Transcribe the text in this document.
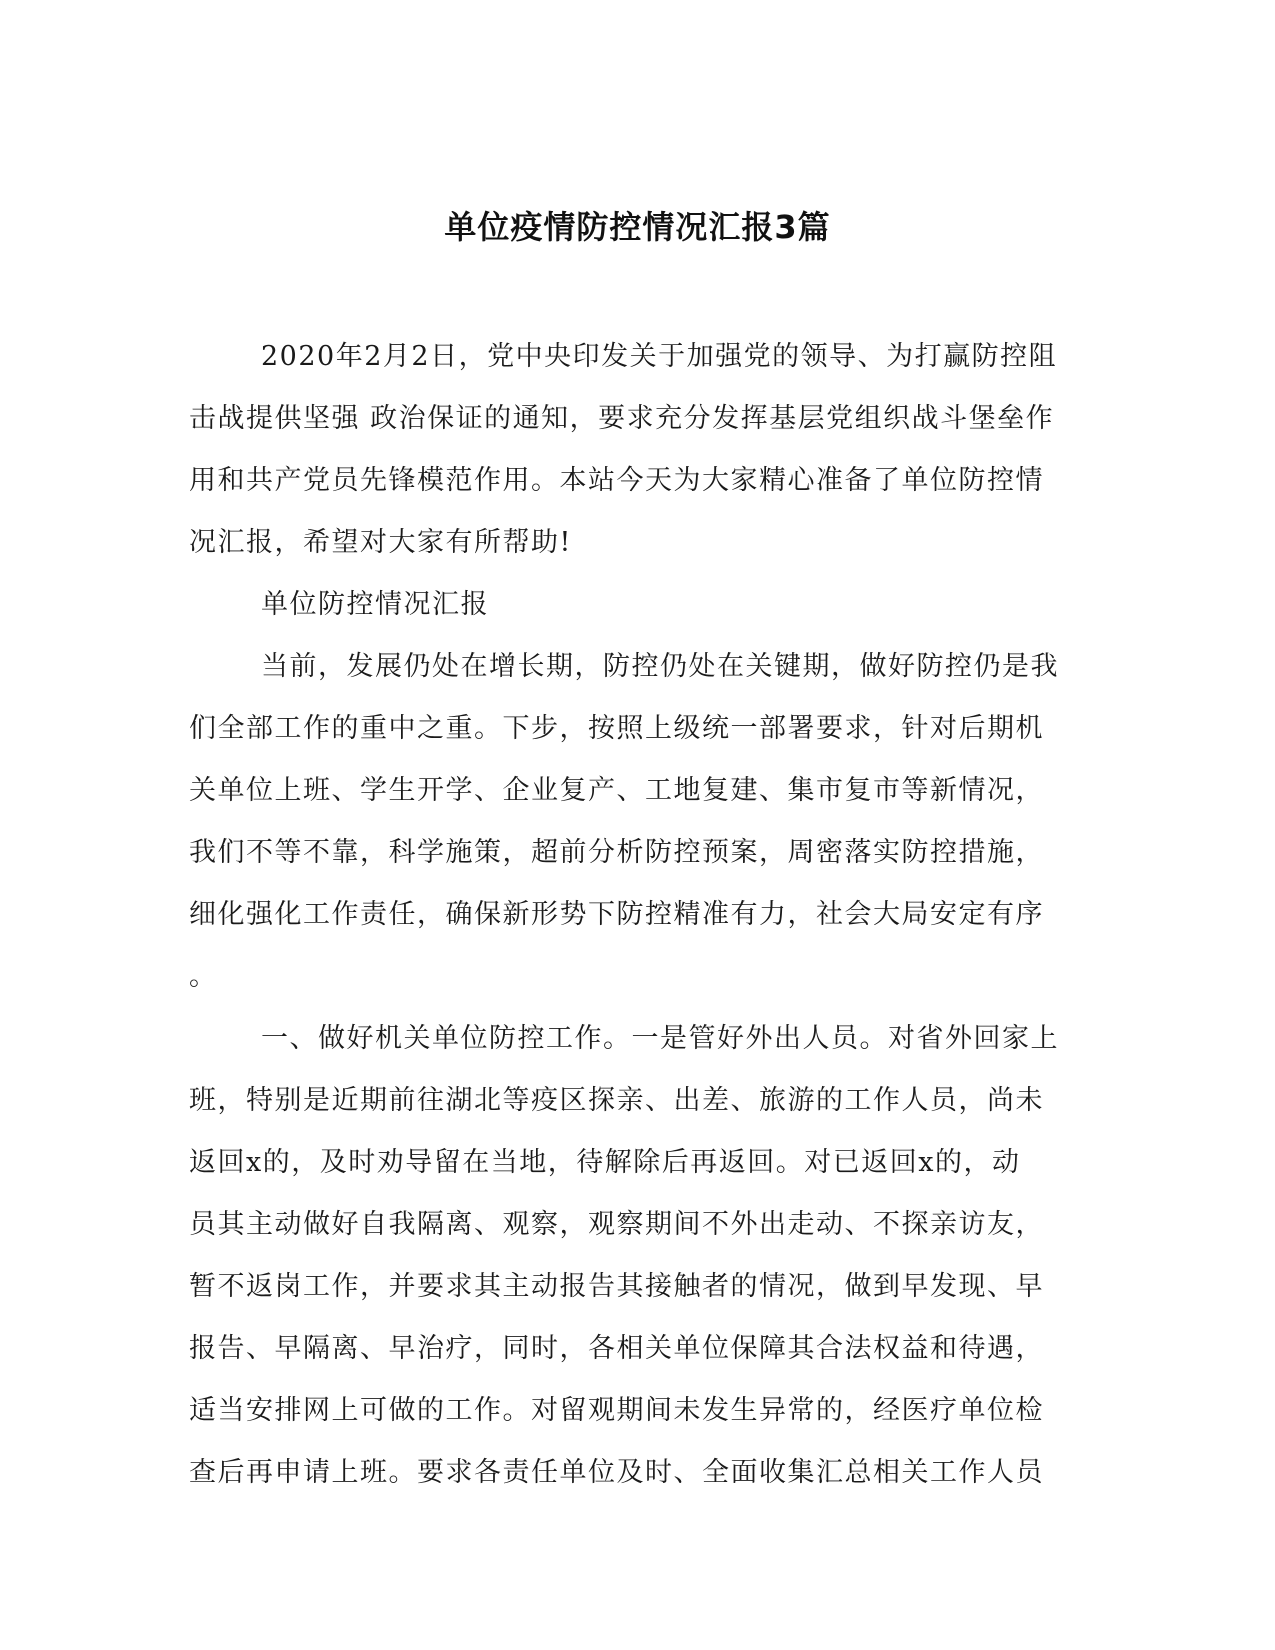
单位疫情防控情况汇报3篇

2020年2月2日，党中央印发关于加强党的领导、为打赢防控阻

击战提供坚强 政治保证的通知，要求充分发挥基层党组织战斗堡垒作

用和共产党员先锋模范作用。本站今天为大家精心准备了单位防控情

况汇报，希望对大家有所帮助!

单位防控情况汇报

当前，发展仍处在增长期，防控仍处在关键期，做好防控仍是我

们全部工作的重中之重。下步，按照上级统一部署要求，针对后期机

关单位上班、学生开学、企业复产、工地复建、集市复市等新情况，

我们不等不靠，科学施策，超前分析防控预案，周密落实防控措施，

细化强化工作责任，确保新形势下防控精准有力，社会大局安定有序

。

一、做好机关单位防控工作。一是管好外出人员。对省外回家上

班，特别是近期前往湖北等疫区探亲、出差、旅游的工作人员，尚未

返回x的，及时劝导留在当地，待解除后再返回。对已返回x的，动

员其主动做好自我隔离、观察，观察期间不外出走动、不探亲访友，

暂不返岗工作，并要求其主动报告其接触者的情况，做到早发现、早

报告、早隔离、早治疗，同时，各相关单位保障其合法权益和待遇，

适当安排网上可做的工作。对留观期间未发生异常的，经医疗单位检

查后再申请上班。要求各责任单位及时、全面收集汇总相关工作人员
